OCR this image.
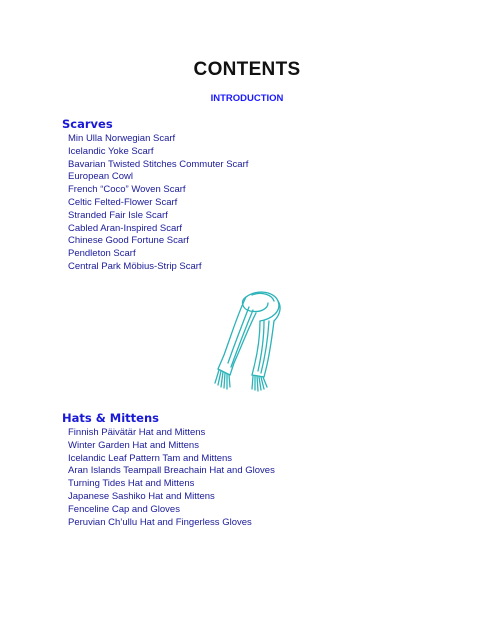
CONTENTS
INTRODUCTION
Scarves
Min Ulla Norwegian Scarf
Icelandic Yoke Scarf
Bavarian Twisted Stitches Commuter Scarf
European Cowl
French “Coco” Woven Scarf
Celtic Felted-Flower Scarf
Stranded Fair Isle Scarf
Cabled Aran-Inspired Scarf
Chinese Good Fortune Scarf
Pendleton Scarf
Central Park Möbius-Strip Scarf
Hats & Mittens
Finnish Päivätär Hat and Mittens
Winter Garden Hat and Mittens
Icelandic Leaf Pattern Tam and Mittens
Aran Islands Teampall Breachain Hat and Gloves
Turning Tides Hat and Mittens
Japanese Sashiko Hat and Mittens
Fenceline Cap and Gloves
Peruvian Ch’ullu Hat and Fingerless Gloves
